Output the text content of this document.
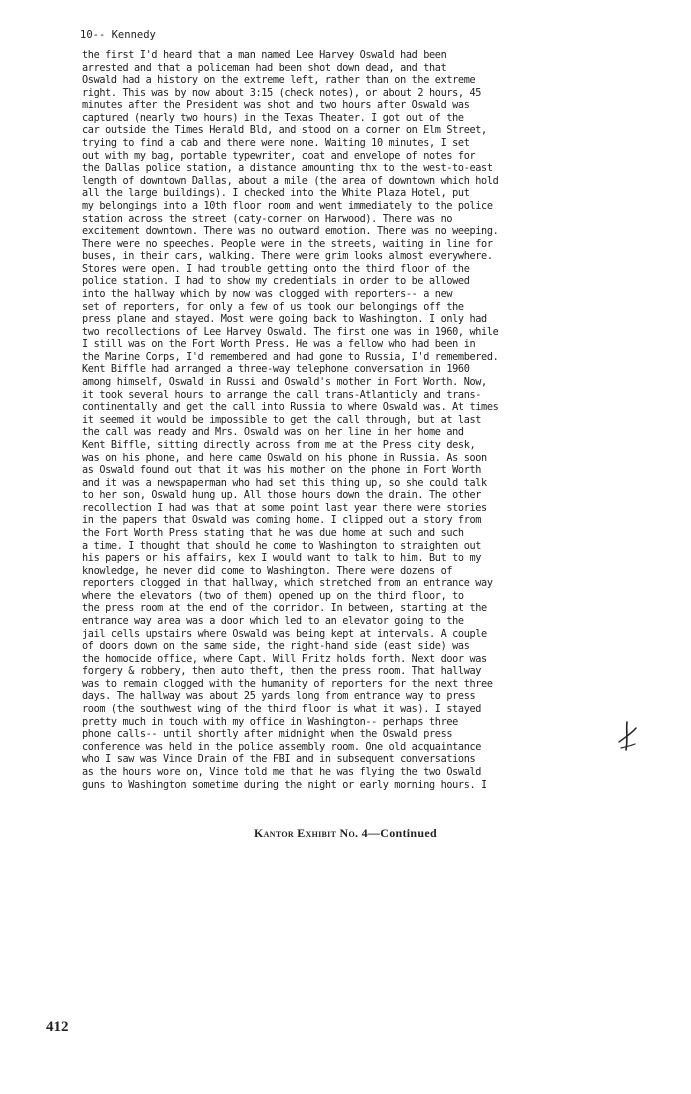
10-- Kennedy
the first I'd heard that a man named Lee Harvey Oswald had been
arrested and that a policeman had been shot down dead, and that
Oswald had a history on the extreme left, rather than on the extreme
right. This was by now about 3:15 (check notes), or about 2 hours, 45
minutes after the President was shot and two hours after Oswald was
captured (nearly two hours) in the Texas Theater. I got out of the
car outside the Times Herald Bld, and stood on a corner on Elm Street,
trying to find a cab and there were none. Waiting 10 minutes, I set
out with my bag, portable typewriter, coat and envelope of notes for
the Dallas police station, a distance amounting thx to the west-to-east
length of downtown Dallas, about a mile (the area of downtown which hold
all the large buildings). I checked into the White Plaza Hotel, put
my belongings into a 10th floor room and went immediately to the police
station across the street (caty-corner on Harwood). There was no
excitement downtown. There was no outward emotion. There was no weeping.
There were no speeches. People were in the streets, waiting in line for
buses, in their cars, walking. There were grim looks almost everywhere.
Stores were open. I had trouble getting onto the third floor of the
police station. I had to show my credentials in order to be allowed
into the hallway which by now was clogged with reporters-- a new
set of reporters, for only a few of us took our belongings off the
press plane and stayed. Most were going back to Washington. I only had
two recollections of Lee Harvey Oswald. The first one was in 1960, while
I still was on the Fort Worth Press. He was a fellow who had been in
the Marine Corps, I'd remembered and had gone to Russia, I'd remembered.
Kent Biffle had arranged a three-way telephone conversation in 1960
among himself, Oswald in Russi and Oswald's mother in Fort Worth. Now,
it took several hours to arrange the call trans-Atlanticly and trans-
continentally and get the call into Russia to where Oswald was. At times
it seemed it would be impossible to get the call through, but at last
the call was ready and Mrs. Oswald was on her line in her home and
Kent Biffle, sitting directly across from me at the Press city desk,
was on his phone, and here came Oswald on his phone in Russia. As soon
as Oswald found out that it was his mother on the phone in Fort Worth
and it was a newspaperman who had set this thing up, so she could talk
to her son, Oswald hung up. All those hours down the drain. The other
recollection I had was that at some point last year there were stories
in the papers that Oswald was coming home. I clipped out a story from
the Fort Worth Press stating that he was due home at such and such
a time. I thought that should he come to Washington to straighten out
his papers or his affairs, kex I would want to talk to him. But to my
knowledge, he never did come to Washington. There were dozens of
reporters clogged in that hallway, which stretched from an entrance way
where the elevators (two of them) opened up on the third floor, to
the press room at the end of the corridor. In between, starting at the
entrance way area was a door which led to an elevator going to the
jail cells upstairs where Oswald was being kept at intervals. A couple
of doors down on the same side, the right-hand side (east side) was
the homocide office, where Capt. Will Fritz holds forth. Next door was
forgery & robbery, then auto theft, then the press room. That hallway
was to remain clogged with the humanity of reporters for the next three
days. The hallway was about 25 yards long from entrance way to press
room (the southwest wing of the third floor is what it was). I stayed
pretty much in touch with my office in Washington-- perhaps three
phone calls-- until shortly after midnight when the Oswald press
conference was held in the police assembly room. One old acquaintance
who I saw was Vince Drain of the FBI and in subsequent conversations
as the hours wore on, Vince told me that he was flying the two Oswald
guns to Washington sometime during the night or early morning hours. I
Kantor Exhibit No. 4—Continued
412
